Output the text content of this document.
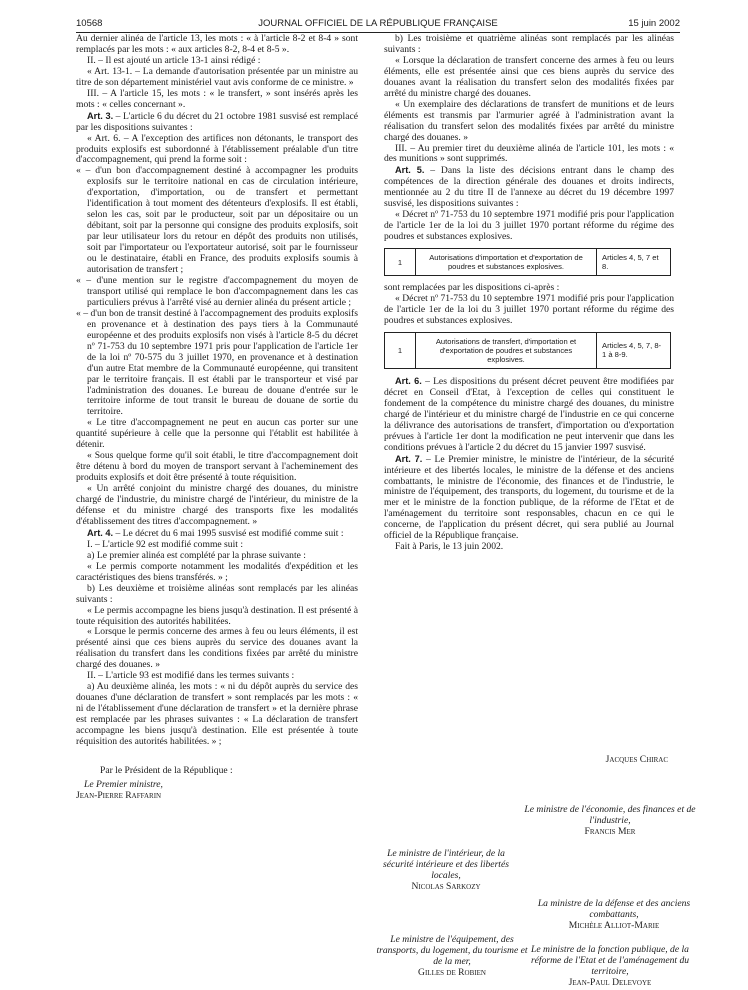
10568	JOURNAL OFFICIEL DE LA RÉPUBLIQUE FRANÇAISE	15 juin 2002

Au dernier alinéa de l'article 13, les mots : « à l'article 8-2 et 8-4 » sont remplacés par les mots : « aux articles 8-2, 8-4 et 8-5 ».

II. – Il est ajouté un article 13-1 ainsi rédigé :

« Art. 13-1. – La demande d'autorisation présentée par un ministre au titre de son département ministériel vaut avis conforme de ce ministre. »

III. – A l'article 15, les mots : « le transfert, » sont insérés après les mots : « celles concernant ».

Art. 3. – L'article 6 du décret du 21 octobre 1981 susvisé est remplacé par les dispositions suivantes :

« Art. 6. – A l'exception des artifices non détonants, le transport des produits explosifs est subordonné à l'établissement préalable d'un titre d'accompagnement, qui prend la forme soit :

« – d'un bon d'accompagnement destiné à accompagner les produits explosifs sur le territoire national en cas de circulation intérieure, d'exportation, d'importation, ou de transfert et permettant l'identification à tout moment des détenteurs d'explosifs. Il est établi, selon les cas, soit par le producteur, soit par un dépositaire ou un débitant, soit par la personne qui consigne des produits explosifs, soit par leur utilisateur lors du retour en dépôt des produits non utilisés, soit par l'importateur ou l'exportateur autorisé, soit par le fournisseur ou le destinataire, établi en France, des produits explosifs soumis à autorisation de transfert ;

« – d'une mention sur le registre d'accompagnement du moyen de transport utilisé qui remplace le bon d'accompagnement dans les cas particuliers prévus à l'arrêté visé au dernier alinéa du présent article ;

« – d'un bon de transit destiné à l'accompagnement des produits explosifs en provenance et à destination des pays tiers à la Communauté européenne et des produits explosifs non visés à l'article 8-5 du décret nº 71-753 du 10 septembre 1971 pris pour l'application de l'article 1er de la loi nº 70-575 du 3 juillet 1970, en provenance et à destination d'un autre Etat membre de la Communauté européenne, qui transitent par le territoire français. Il est établi par le transporteur et visé par l'administration des douanes. Le bureau de douane d'entrée sur le territoire informe de tout transit le bureau de douane de sortie du territoire.

« Le titre d'accompagnement ne peut en aucun cas porter sur une quantité supérieure à celle que la personne qui l'établit est habilitée à détenir.

« Sous quelque forme qu'il soit établi, le titre d'accompagnement doit être détenu à bord du moyen de transport servant à l'acheminement des produits explosifs et doit être présenté à toute réquisition.

« Un arrêté conjoint du ministre chargé des douanes, du ministre chargé de l'industrie, du ministre chargé de l'intérieur, du ministre de la défense et du ministre chargé des transports fixe les modalités d'établissement des titres d'accompagnement. »

Art. 4. – Le décret du 6 mai 1995 susvisé est modifié comme suit :

I. – L'article 92 est modifié comme suit :

a) Le premier alinéa est complété par la phrase suivante :

« Le permis comporte notamment les modalités d'expédition et les caractéristiques des biens transférés. » ;

b) Les deuxième et troisième alinéas sont remplacés par les alinéas suivants :

« Le permis accompagne les biens jusqu'à destination. Il est présenté à toute réquisition des autorités habilitées.

« Lorsque le permis concerne des armes à feu ou leurs éléments, il est présenté ainsi que ces biens auprès du service des douanes avant la réalisation du transfert dans les conditions fixées par arrêté du ministre chargé des douanes. »

II. – L'article 93 est modifié dans les termes suivants :

a) Au deuxième alinéa, les mots : « ni du dépôt auprès du service des douanes d'une déclaration de transfert » sont remplacés par les mots : « ni de l'établissement d'une déclaration de transfert » et la dernière phrase est remplacée par les phrases suivantes : « La déclaration de transfert accompagne les biens jusqu'à destination. Elle est présentée à toute réquisition des autorités habilitées. » ;

b) Les troisième et quatrième alinéas sont remplacés par les alinéas suivants :

« Lorsque la déclaration de transfert concerne des armes à feu ou leurs éléments, elle est présentée ainsi que ces biens auprès du service des douanes avant la réalisation du transfert selon des modalités fixées par arrêté du ministre chargé des douanes.

« Un exemplaire des déclarations de transfert de munitions et de leurs éléments est transmis par l'armurier agréé à l'administration avant la réalisation du transfert selon des modalités fixées par arrêté du ministre chargé des douanes. »

III. – Au premier tiret du deuxième alinéa de l'article 101, les mots : « des munitions » sont supprimés.

Art. 5. – Dans la liste des décisions entrant dans le champ des compétences de la direction générale des douanes et droits indirects, mentionnée au 2 du titre II de l'annexe au décret du 19 décembre 1997 susvisé, les dispositions suivantes :

« Décret nº 71-753 du 10 septembre 1971 modifié pris pour l'application de l'article 1er de la loi du 3 juillet 1970 portant réforme du régime des poudres et substances explosives.

1	Autorisations d'importation et d'exportation de poudres et substances explosives.	Articles 4, 5, 7 et 8.

sont remplacées par les dispositions ci-après :

« Décret nº 71-753 du 10 septembre 1971 modifié pris pour l'application de l'article 1er de la loi du 3 juillet 1970 portant réforme du régime des poudres et substances explosives.

1	Autorisations de transfert, d'importation et d'exportation de poudres et substances explosives.	Articles 4, 5, 7, 8-1 à 8-9.

Art. 6. – Les dispositions du présent décret peuvent être modifiées par décret en Conseil d'Etat, à l'exception de celles qui constituent le fondement de la compétence du ministre chargé des douanes, du ministre chargé de l'intérieur et du ministre chargé de l'industrie en ce qui concerne la délivrance des autorisations de transfert, d'importation ou d'exportation prévues à l'article 1er dont la modification ne peut intervenir que dans les conditions prévues à l'article 2 du décret du 15 janvier 1997 susvisé.

Art. 7. – Le Premier ministre, le ministre de l'intérieur, de la sécurité intérieure et des libertés locales, le ministre de la défense et des anciens combattants, le ministre de l'économie, des finances et de l'industrie, le ministre de l'équipement, des transports, du logement, du tourisme et de la mer et le ministre de la fonction publique, de la réforme de l'Etat et de l'aménagement du territoire sont responsables, chacun en ce qui le concerne, de l'application du présent décret, qui sera publié au Journal officiel de la République française.

Fait à Paris, le 13 juin 2002.

Jacques Chirac

Par le Président de la République :

Le Premier ministre,

Jean-Pierre Raffarin

Le ministre de l'économie, des finances et de l'industrie,

Francis Mer

Le ministre de l'intérieur, de la sécurité intérieure et des libertés locales,

Nicolas Sarkozy

La ministre de la défense et des anciens combattants,

Michèle Alliot-Marie

Le ministre de l'équipement, des transports, du logement, du tourisme et de la mer,

Gilles de Robien

Le ministre de la fonction publique, de la réforme de l'Etat et de l'aménagement du territoire,

Jean-Paul Delevoye
